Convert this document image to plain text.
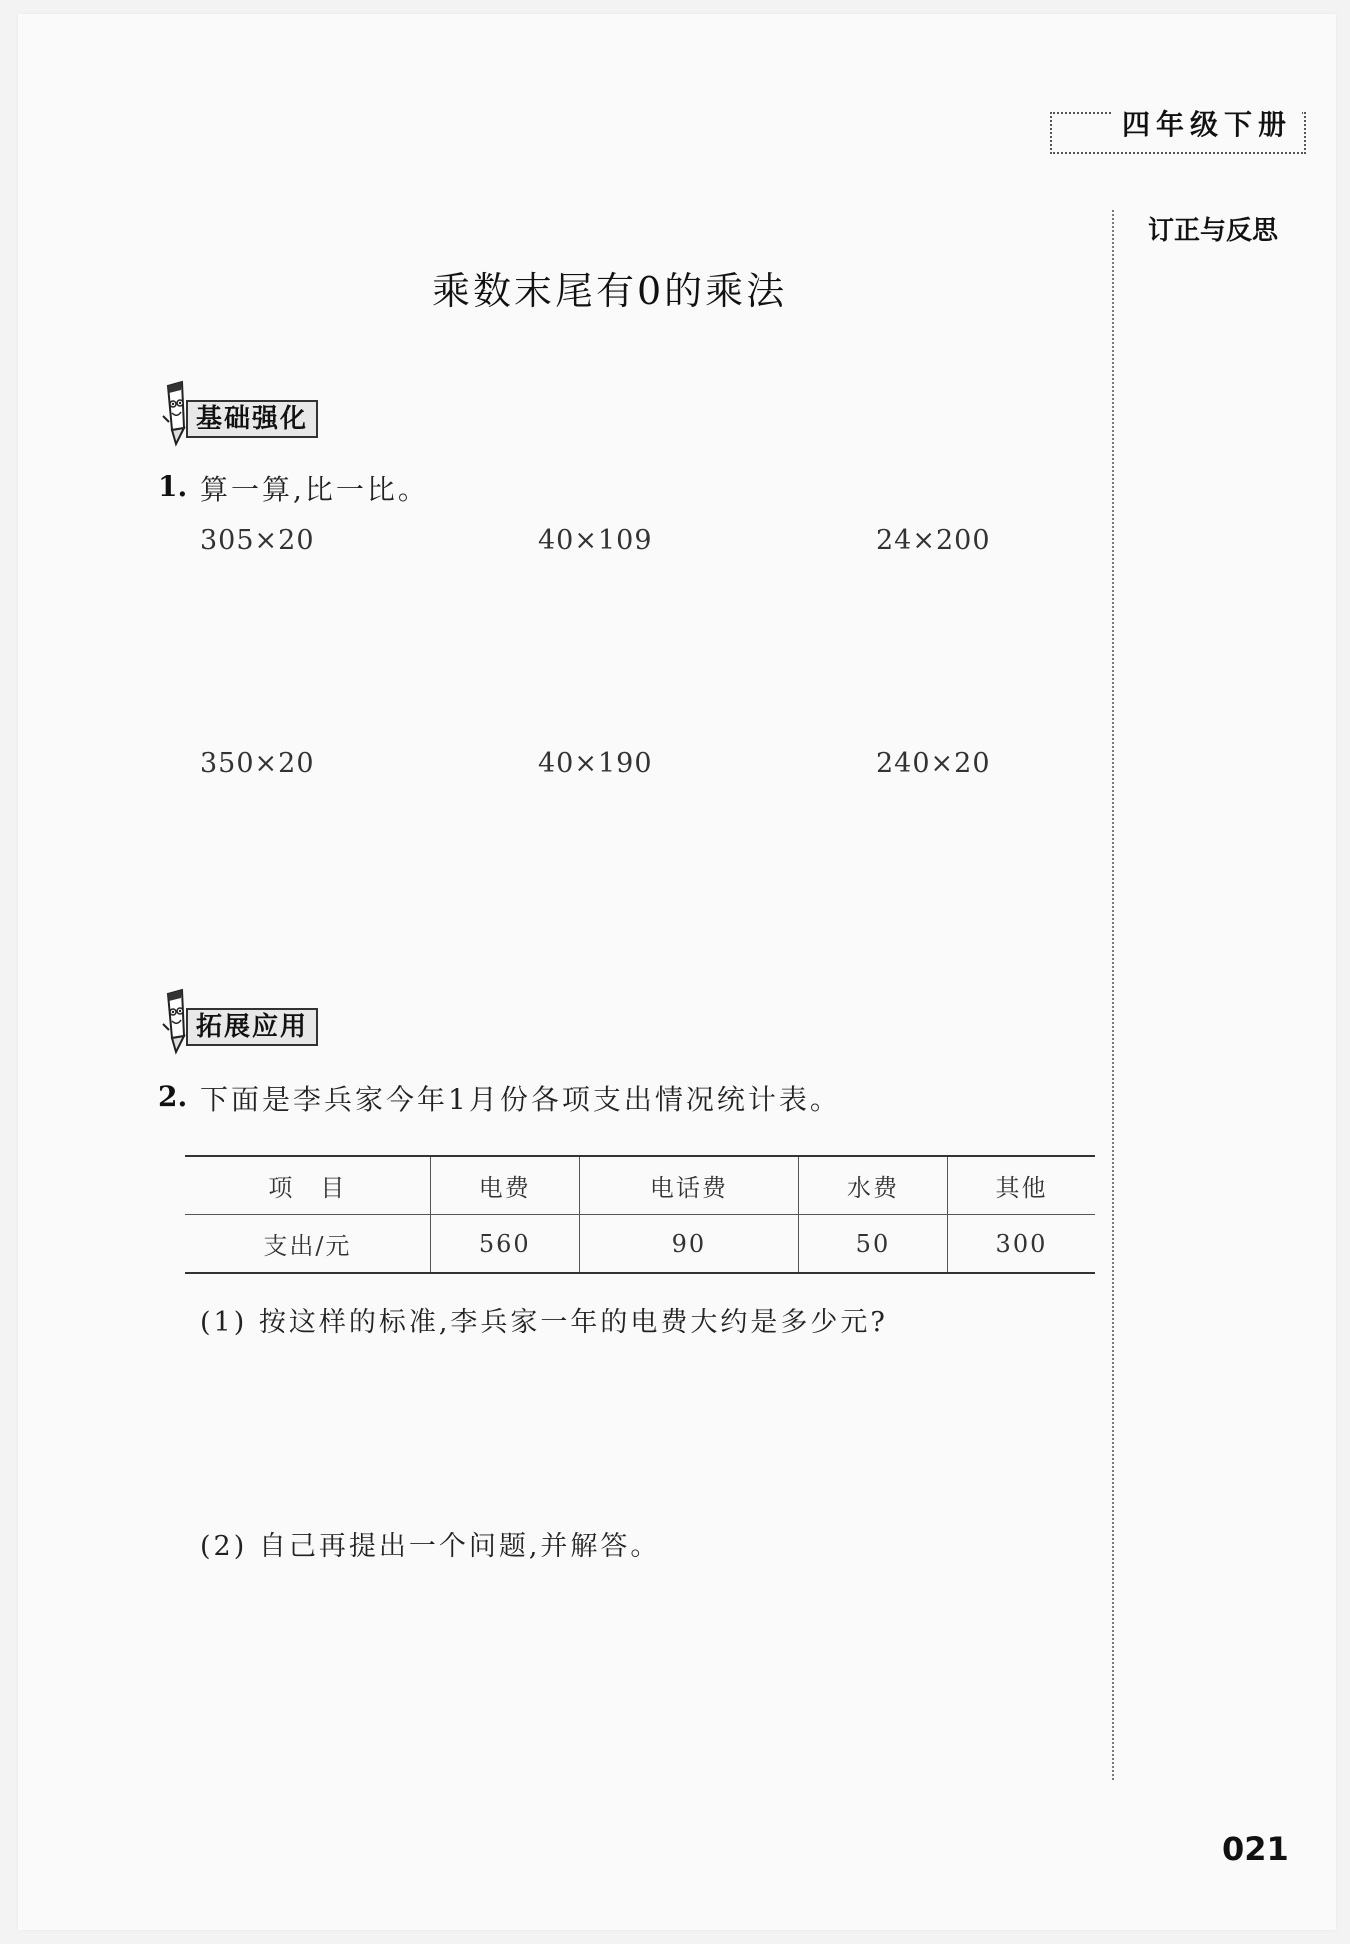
四年级下册
订正与反思
乘数末尾有0的乘法
基础强化
1. 算一算,比一比。
305×20	40×109	24×200
350×20	40×190	240×20
拓展应用
2. 下面是李兵家今年1月份各项支出情况统计表。
项　目	电费	电话费	水费	其他
支出/元	560	90	50	300
(1) 按这样的标准,李兵家一年的电费大约是多少元?
(2) 自己再提出一个问题,并解答。
021
